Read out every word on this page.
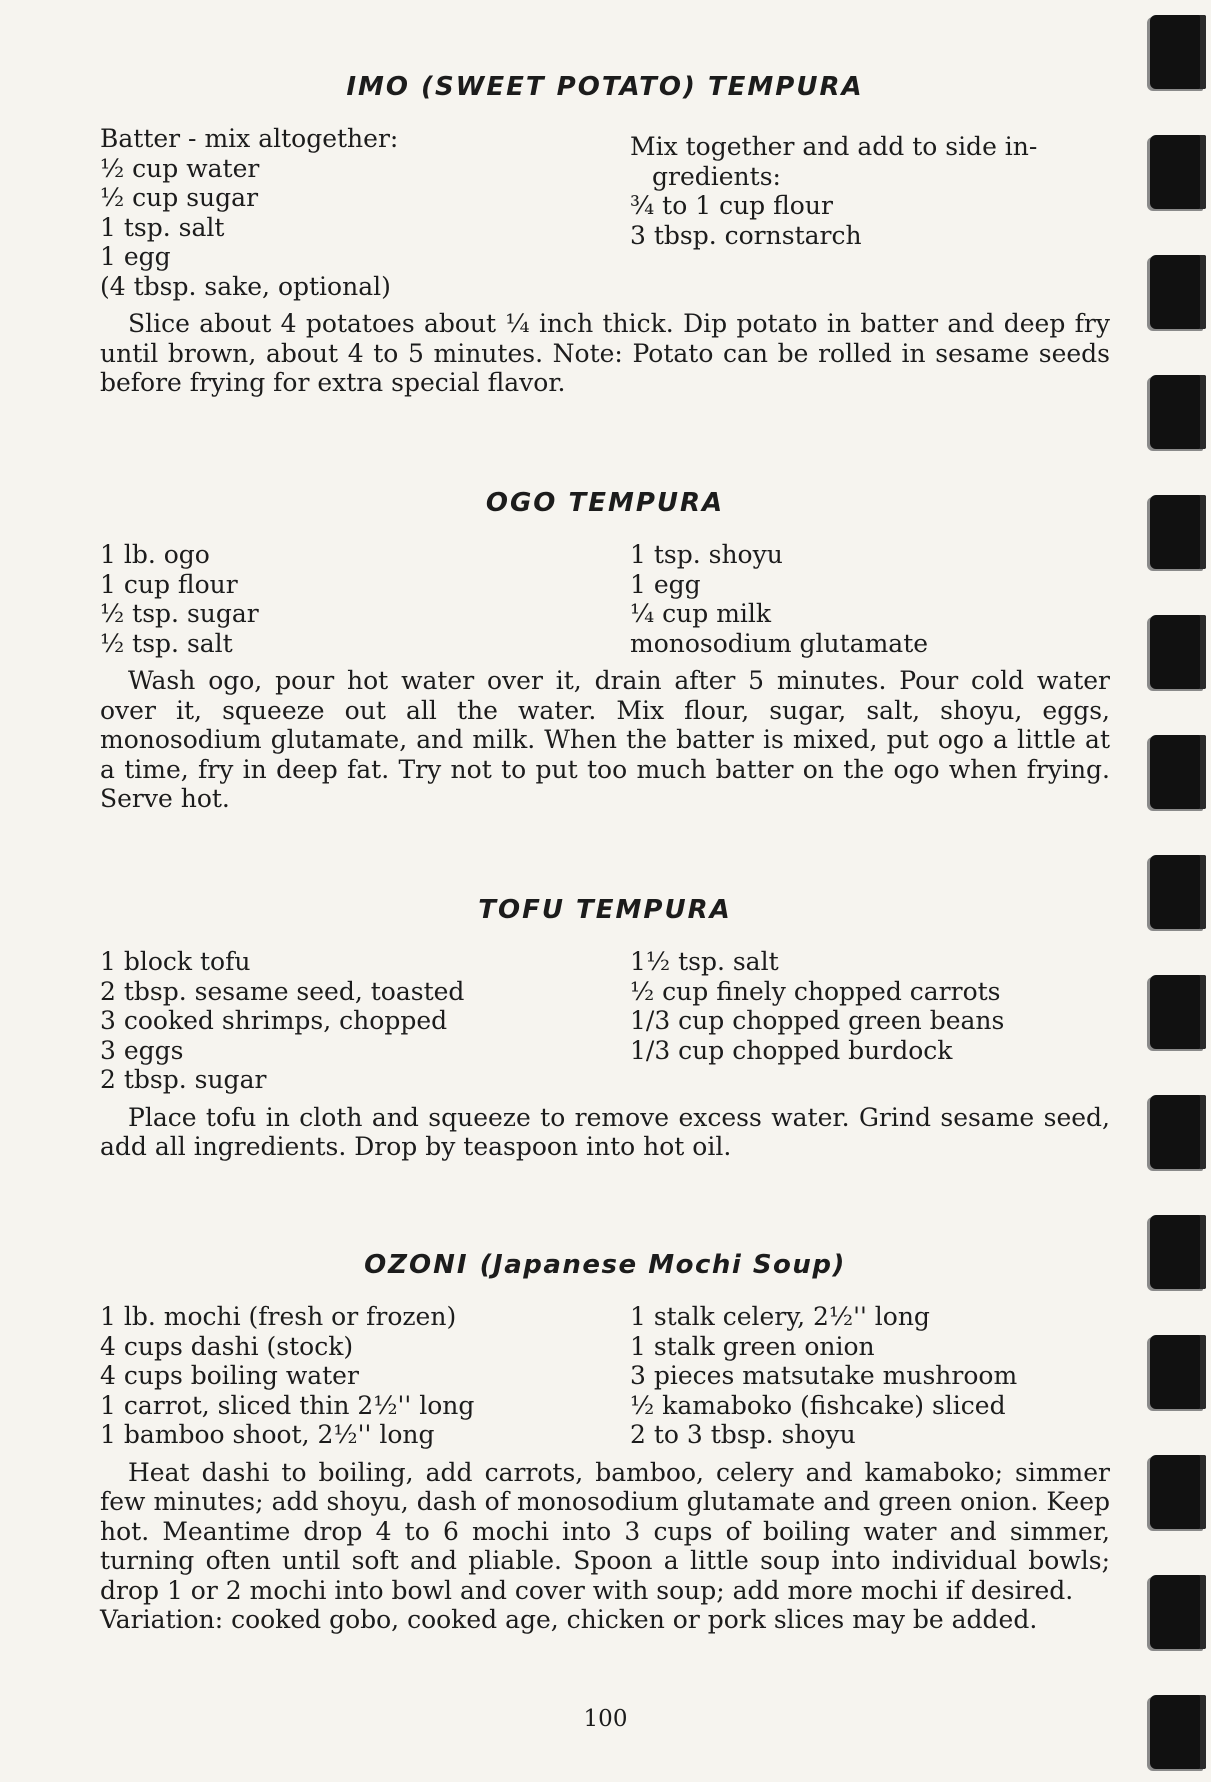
IMO (SWEET POTATO) TEMPURA
Batter - mix altogether:
½ cup water
½ cup sugar
1 tsp. salt
1 egg
(4 tbsp. sake, optional)
Mix together and add to side in-
gredients:
¾ to 1 cup flour
3 tbsp. cornstarch

Slice about 4 potatoes about ¼ inch thick. Dip potato in batter and deep fry until brown, about 4 to 5 minutes. Note: Potato can be rolled in sesame seeds before frying for extra special flavor.

OGO TEMPURA
1 lb. ogo
1 cup flour
½ tsp. sugar
½ tsp. salt
1 tsp. shoyu
1 egg
¼ cup milk
monosodium glutamate

Wash ogo, pour hot water over it, drain after 5 minutes. Pour cold water over it, squeeze out all the water. Mix flour, sugar, salt, shoyu, eggs, monosodium glutamate, and milk. When the batter is mixed, put ogo a little at a time, fry in deep fat. Try not to put too much batter on the ogo when frying. Serve hot.

TOFU TEMPURA
1 block tofu
2 tbsp. sesame seed, toasted
3 cooked shrimps, chopped
3 eggs
2 tbsp. sugar
1½ tsp. salt
½ cup finely chopped carrots
1/3 cup chopped green beans
1/3 cup chopped burdock

Place tofu in cloth and squeeze to remove excess water. Grind sesame seed, add all ingredients. Drop by teaspoon into hot oil.

OZONI (Japanese Mochi Soup)
1 lb. mochi (fresh or frozen)
4 cups dashi (stock)
4 cups boiling water
1 carrot, sliced thin 2½'' long
1 bamboo shoot, 2½'' long
1 stalk celery, 2½'' long
1 stalk green onion
3 pieces matsutake mushroom
½ kamaboko (fishcake) sliced
2 to 3 tbsp. shoyu

Heat dashi to boiling, add carrots, bamboo, celery and kamaboko; simmer few minutes; add shoyu, dash of monosodium glutamate and green onion. Keep hot. Meantime drop 4 to 6 mochi into 3 cups of boiling water and simmer, turning often until soft and pliable. Spoon a little soup into individual bowls; drop 1 or 2 mochi into bowl and cover with soup; add more mochi if desired.

Variation: cooked gobo, cooked age, chicken or pork slices may be added.

100
